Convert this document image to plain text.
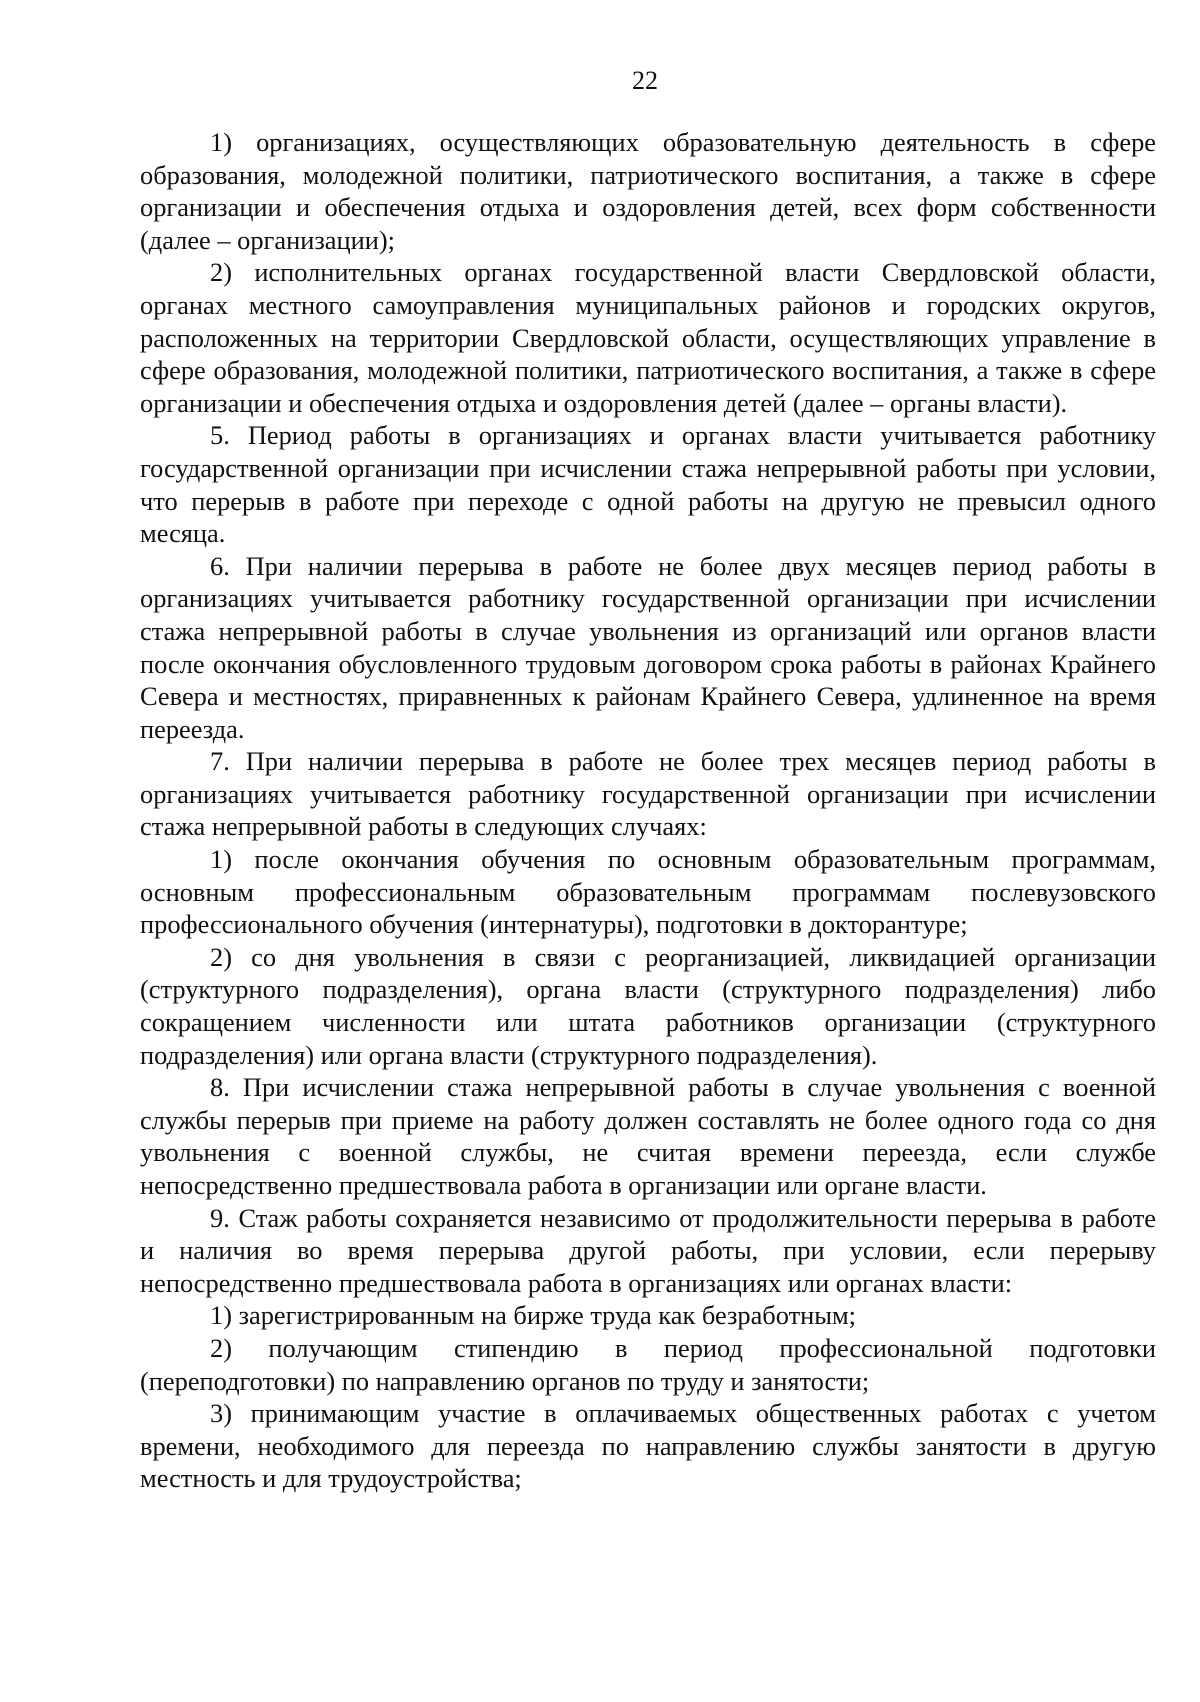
22

1) организациях, осуществляющих образовательную деятельность в сфере образования, молодежной политики, патриотического воспитания, а также в сфере организации и обеспечения отдыха и оздоровления детей, всех форм собственности (далее – организации);

2) исполнительных органах государственной власти Свердловской области, органах местного самоуправления муниципальных районов и городских округов, расположенных на территории Свердловской области, осуществляющих управление в сфере образования, молодежной политики, патриотического воспитания, а также в сфере организации и обеспечения отдыха и оздоровления детей (далее – органы власти).

5. Период работы в организациях и органах власти учитывается работнику государственной организации при исчислении стажа непрерывной работы при условии, что перерыв в работе при переходе с одной работы на другую не превысил одного месяца.

6. При наличии перерыва в работе не более двух месяцев период работы в организациях учитывается работнику государственной организации при исчислении стажа непрерывной работы в случае увольнения из организаций или органов власти после окончания обусловленного трудовым договором срока работы в районах Крайнего Севера и местностях, приравненных к районам Крайнего Севера, удлиненное на время переезда.

7. При наличии перерыва в работе не более трех месяцев период работы в организациях учитывается работнику государственной организации при исчислении стажа непрерывной работы в следующих случаях:

1) после окончания обучения по основным образовательным программам, основным профессиональным образовательным программам послевузовского профессионального обучения (интернатуры), подготовки в докторантуре;

2) со дня увольнения в связи с реорганизацией, ликвидацией организации (структурного подразделения), органа власти (структурного подразделения) либо сокращением численности или штата работников организации (структурного подразделения) или органа власти (структурного подразделения).

8. При исчислении стажа непрерывной работы в случае увольнения с военной службы перерыв при приеме на работу должен составлять не более одного года со дня увольнения с военной службы, не считая времени переезда, если службе непосредственно предшествовала работа в организации или органе власти.

9. Стаж работы сохраняется независимо от продолжительности перерыва в работе и наличия во время перерыва другой работы, при условии, если перерыву непосредственно предшествовала работа в организациях или органах власти:

1) зарегистрированным на бирже труда как безработным;

2) получающим стипендию в период профессиональной подготовки (переподготовки) по направлению органов по труду и занятости;

3) принимающим участие в оплачиваемых общественных работах с учетом времени, необходимого для переезда по направлению службы занятости в другую местность и для трудоустройства;
